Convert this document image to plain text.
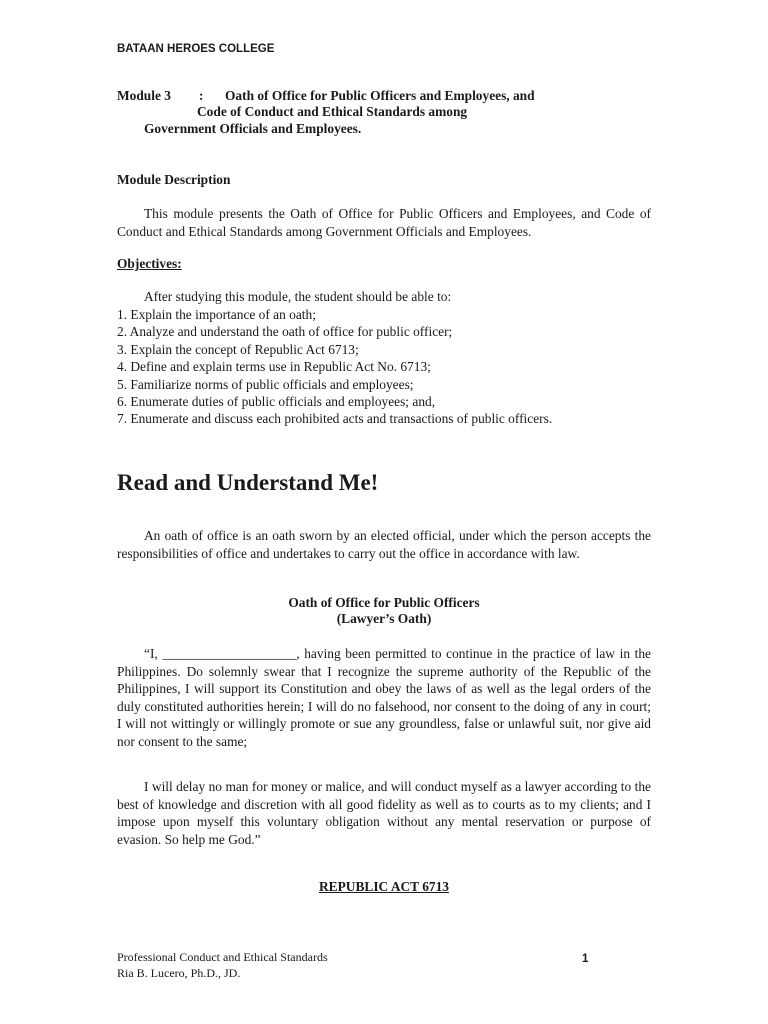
BATAAN HEROES COLLEGE
Module 3 : Oath of Office for Public Officers and Employees, and
Code of Conduct and Ethical Standards among
Government Officials and Employees.
Module Description

This module presents the Oath of Office for Public Officers and Employees, and Code of Conduct and Ethical Standards among Government Officials and Employees.

Objectives:
After studying this module, the student should be able to:
1. Explain the importance of an oath;
2. Analyze and understand the oath of office for public officer;
3. Explain the concept of Republic Act 6713;
4. Define and explain terms use in Republic Act No. 6713;
5. Familiarize norms of public officials and employees;
6. Enumerate duties of public officials and employees; and,
7. Enumerate and discuss each prohibited acts and transactions of public officers.
Read and Understand Me!

An oath of office is an oath sworn by an elected official, under which the person accepts the responsibilities of office and undertakes to carry out the office in accordance with law.

Oath of Office for Public Officers
(Lawyer’s Oath)

“I, ____________________, having been permitted to continue in the practice of law in the Philippines. Do solemnly swear that I recognize the supreme authority of the Republic of the Philippines, I will support its Constitution and obey the laws of as well as the legal orders of the duly constituted authorities herein; I will do no falsehood, nor consent to the doing of any in court; I will not wittingly or willingly promote or sue any groundless, false or unlawful suit, nor give aid nor consent to the same;

I will delay no man for money or malice, and will conduct myself as a lawyer according to the best of knowledge and discretion with all good fidelity as well as to courts as to my clients; and I impose upon myself this voluntary obligation without any mental reservation or purpose of evasion. So help me God.”

REPUBLIC ACT 6713
Professional Conduct and Ethical Standards
Ria B. Lucero, Ph.D., JD.
1
